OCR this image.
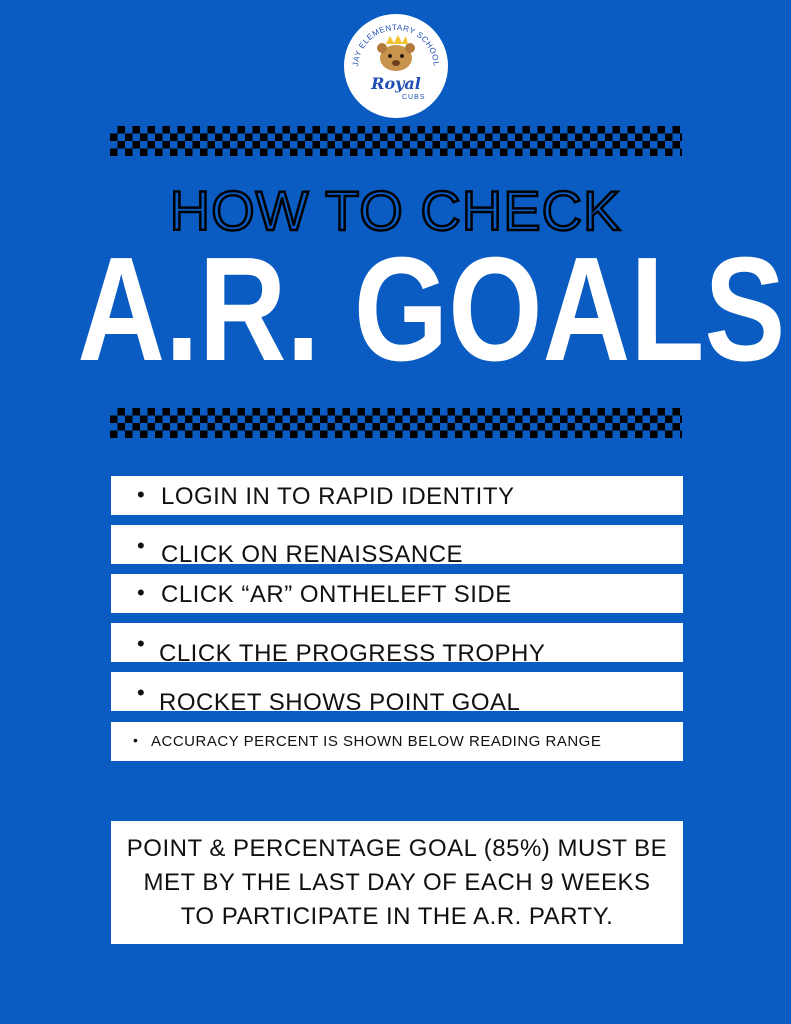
JAY ELEMENTARY SCHOOL
Royal
CUBS
HOW TO CHECK
A.R. GOALS
• LOGIN IN TO RAPID IDENTITY
• CLICK ON RENAISSANCE
• CLICK “AR” ONTHELEFT SIDE
• CLICK THE PROGRESS TROPHY
• ROCKET SHOWS POINT GOAL
• ACCURACY PERCENT IS SHOWN BELOW READING RANGE
POINT & PERCENTAGE GOAL (85%) MUST BE
MET BY THE LAST DAY OF EACH 9 WEEKS
TO PARTICIPATE IN THE A.R. PARTY.
